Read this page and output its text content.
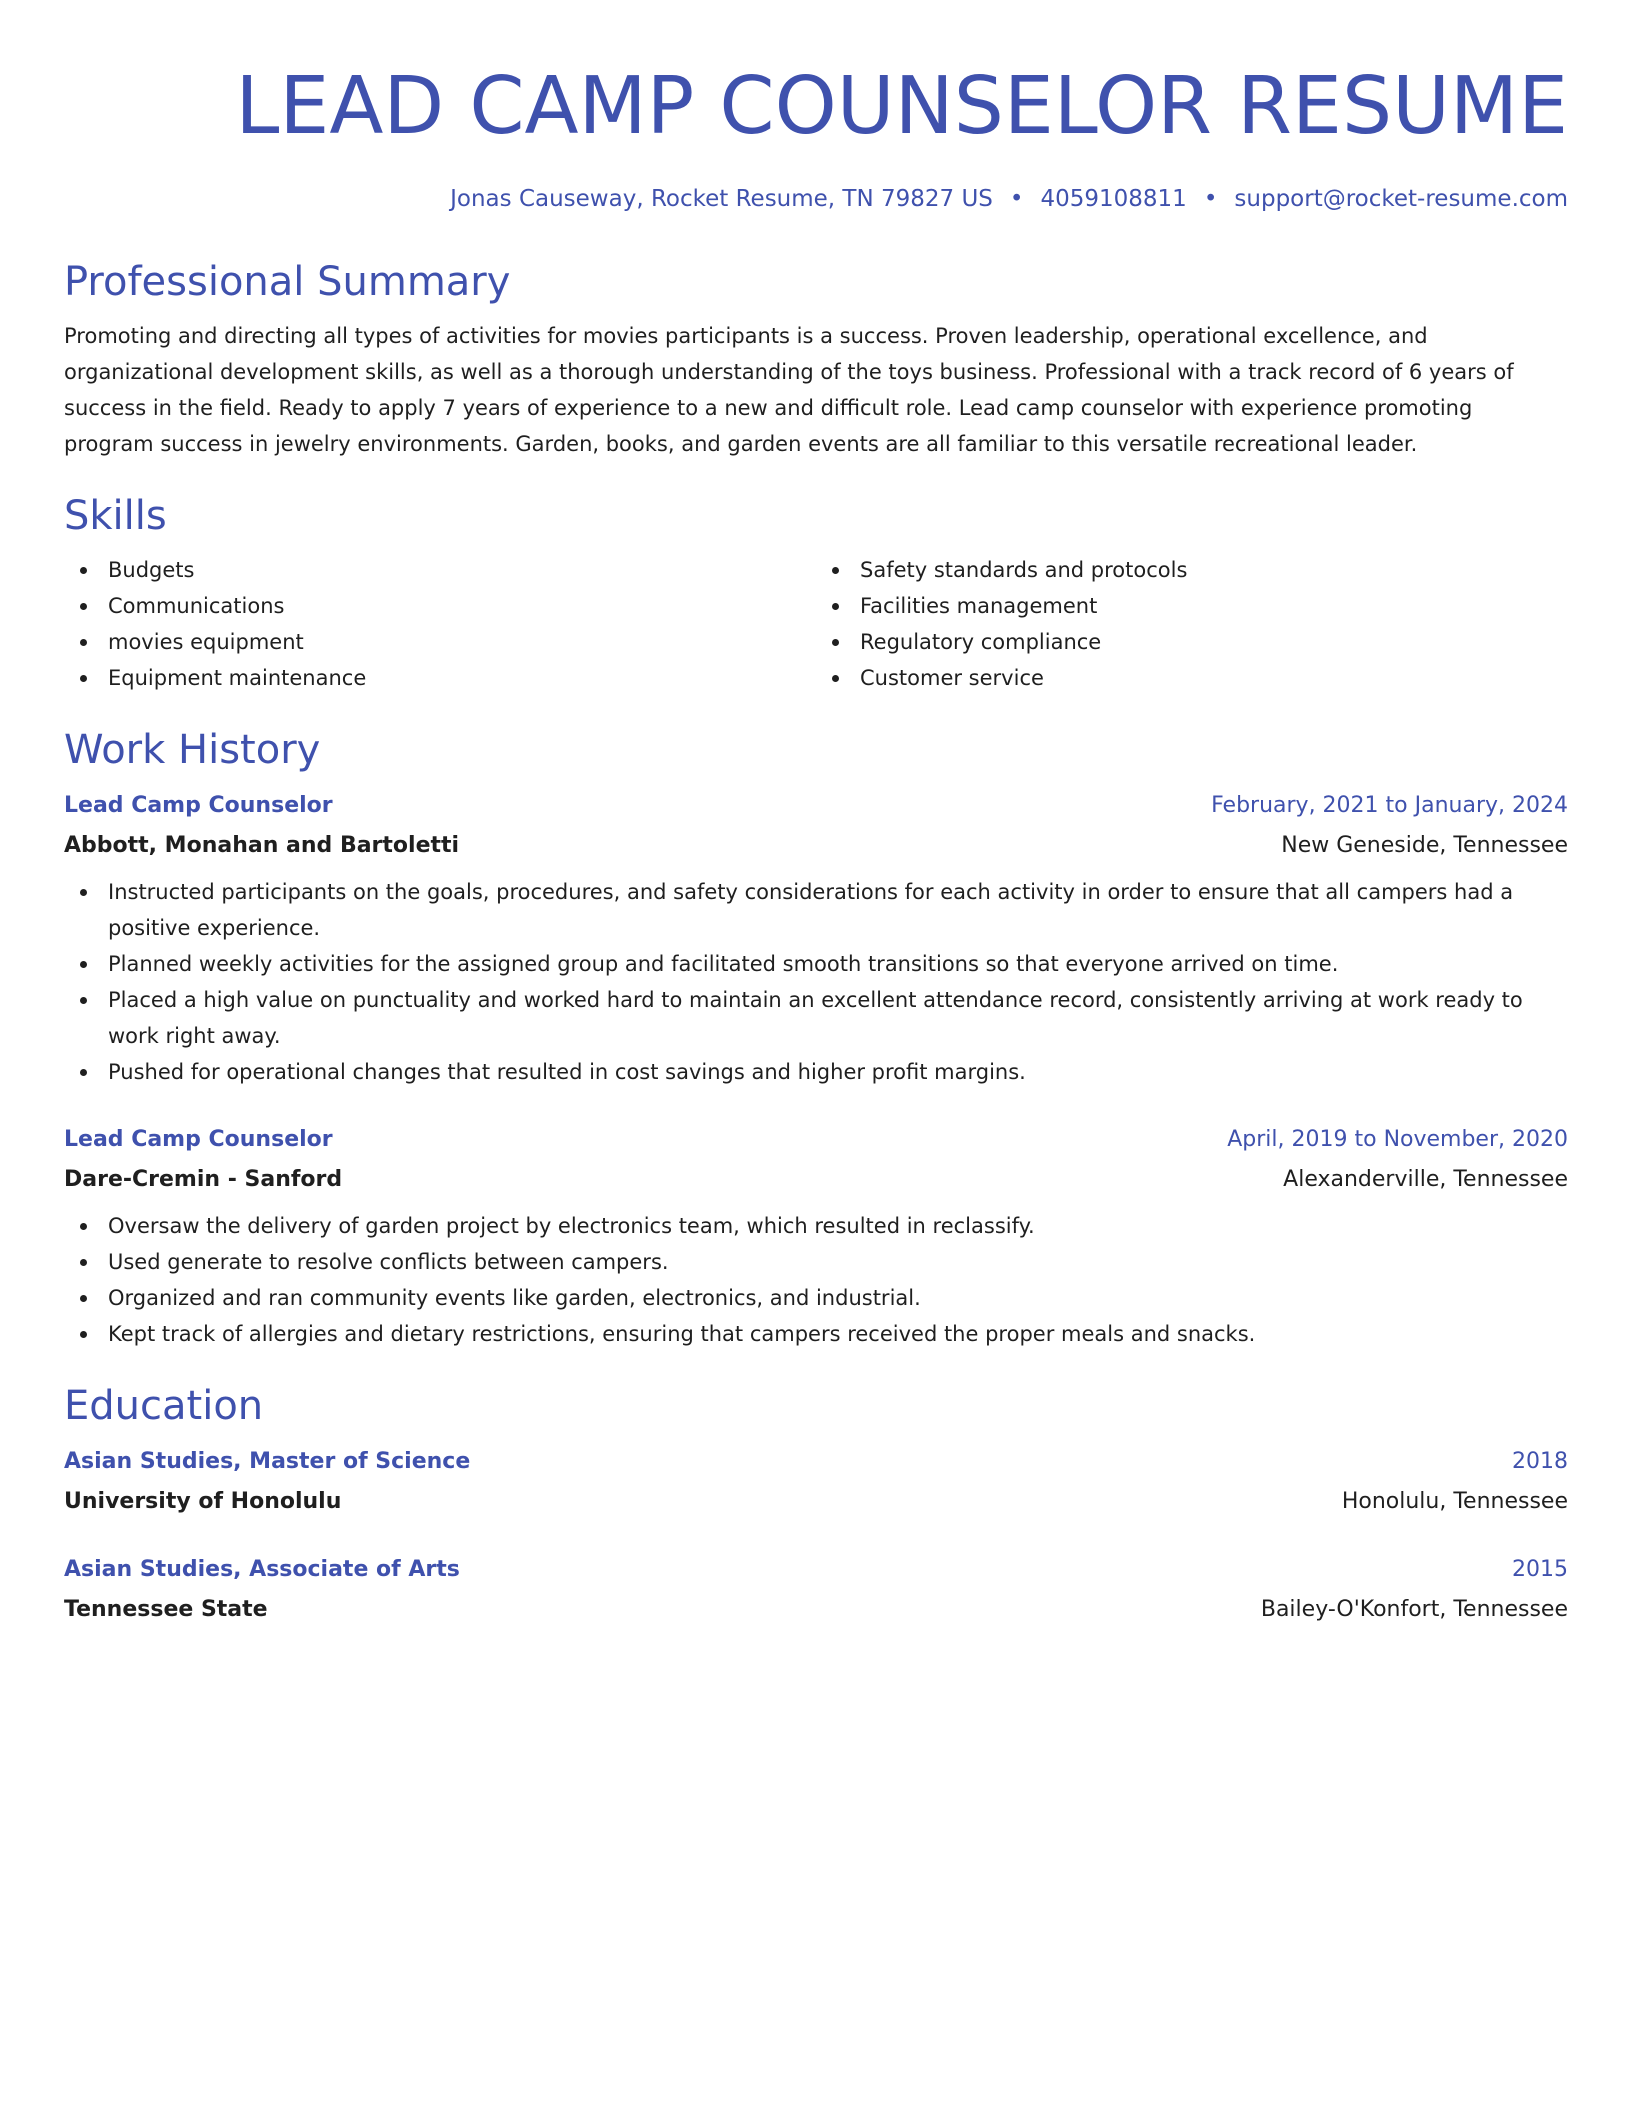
LEAD CAMP COUNSELOR RESUME
Jonas Causeway, Rocket Resume, TN 79827 US • 4059108811 • support@rocket-resume.com
Professional Summary

Promoting and directing all types of activities for movies participants is a success. Proven leadership, operational excellence, and organizational development skills, as well as a thorough understanding of the toys business. Professional with a track record of 6 years of success in the field. Ready to apply 7 years of experience to a new and difficult role. Lead camp counselor with experience promoting program success in jewelry environments. Garden, books, and garden events are all familiar to this versatile recreational leader.

Skills
Budgets
Communications
movies equipment
Equipment maintenance
Safety standards and protocols
Facilities management
Regulatory compliance
Customer service
Work History
Lead Camp Counselor	February, 2021 to January, 2024
Abbott, Monahan and Bartoletti	New Geneside, Tennessee
Instructed participants on the goals, procedures, and safety considerations for each activity in order to ensure that all campers had a positive experience.
Planned weekly activities for the assigned group and facilitated smooth transitions so that everyone arrived on time.
Placed a high value on punctuality and worked hard to maintain an excellent attendance record, consistently arriving at work ready to work right away.
Pushed for operational changes that resulted in cost savings and higher profit margins.
Lead Camp Counselor	April, 2019 to November, 2020
Dare-Cremin - Sanford	Alexanderville, Tennessee
Oversaw the delivery of garden project by electronics team, which resulted in reclassify.
Used generate to resolve conflicts between campers.
Organized and ran community events like garden, electronics, and industrial.
Kept track of allergies and dietary restrictions, ensuring that campers received the proper meals and snacks.
Education
Asian Studies, Master of Science	2018
University of Honolulu	Honolulu, Tennessee
Asian Studies, Associate of Arts	2015
Tennessee State	Bailey-O'Konfort, Tennessee
